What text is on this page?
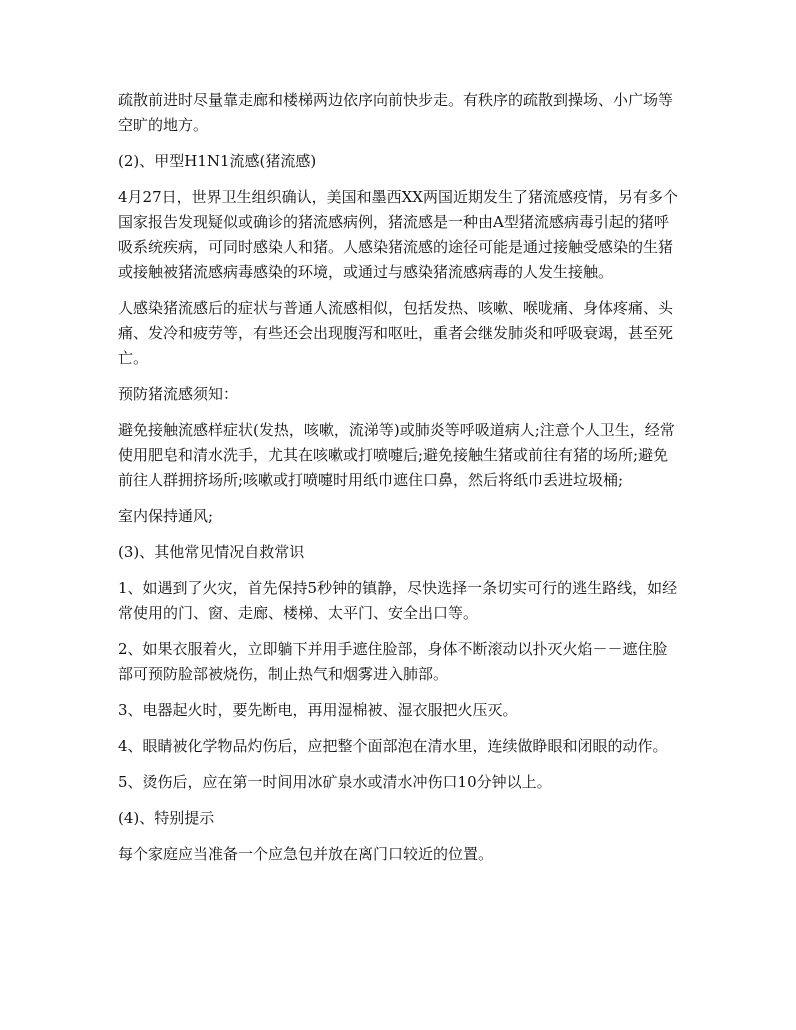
疏散前进时尽量靠走廊和楼梯两边依序向前快步走。有秩序的疏散到操场、小广场等空旷的地方。

(2)、甲型H1N1流感(猪流感)

4月27日，世界卫生组织确认，美国和墨西XX两国近期发生了猪流感疫情，另有多个国家报告发现疑似或确诊的猪流感病例，猪流感是一种由A型猪流感病毒引起的猪呼吸系统疾病，可同时感染人和猪。人感染猪流感的途径可能是通过接触受感染的生猪或接触被猪流感病毒感染的环境，或通过与感染猪流感病毒的人发生接触。

人感染猪流感后的症状与普通人流感相似，包括发热、咳嗽、喉咙痛、身体疼痛、头痛、发冷和疲劳等，有些还会出现腹泻和呕吐，重者会继发肺炎和呼吸衰竭，甚至死亡。

预防猪流感须知：

避免接触流感样症状(发热，咳嗽，流涕等)或肺炎等呼吸道病人;注意个人卫生，经常使用肥皂和清水洗手，尤其在咳嗽或打喷嚏后;避免接触生猪或前往有猪的场所;避免前往人群拥挤场所;咳嗽或打喷嚏时用纸巾遮住口鼻，然后将纸巾丢进垃圾桶;

室内保持通风;

(3)、其他常见情况自救常识

1、如遇到了火灾，首先保持5秒钟的镇静，尽快选择一条切实可行的逃生路线，如经常使用的门、窗、走廊、楼梯、太平门、安全出口等。

2、如果衣服着火，立即躺下并用手遮住脸部，身体不断滚动以扑灭火焰－－遮住脸部可预防脸部被烧伤，制止热气和烟雾进入肺部。

3、电器起火时，要先断电，再用湿棉被、湿衣服把火压灭。

4、眼睛被化学物品灼伤后，应把整个面部泡在清水里，连续做睁眼和闭眼的动作。

5、烫伤后，应在第一时间用冰矿泉水或清水冲伤口10分钟以上。

(4)、特别提示

每个家庭应当准备一个应急包并放在离门口较近的位置。
